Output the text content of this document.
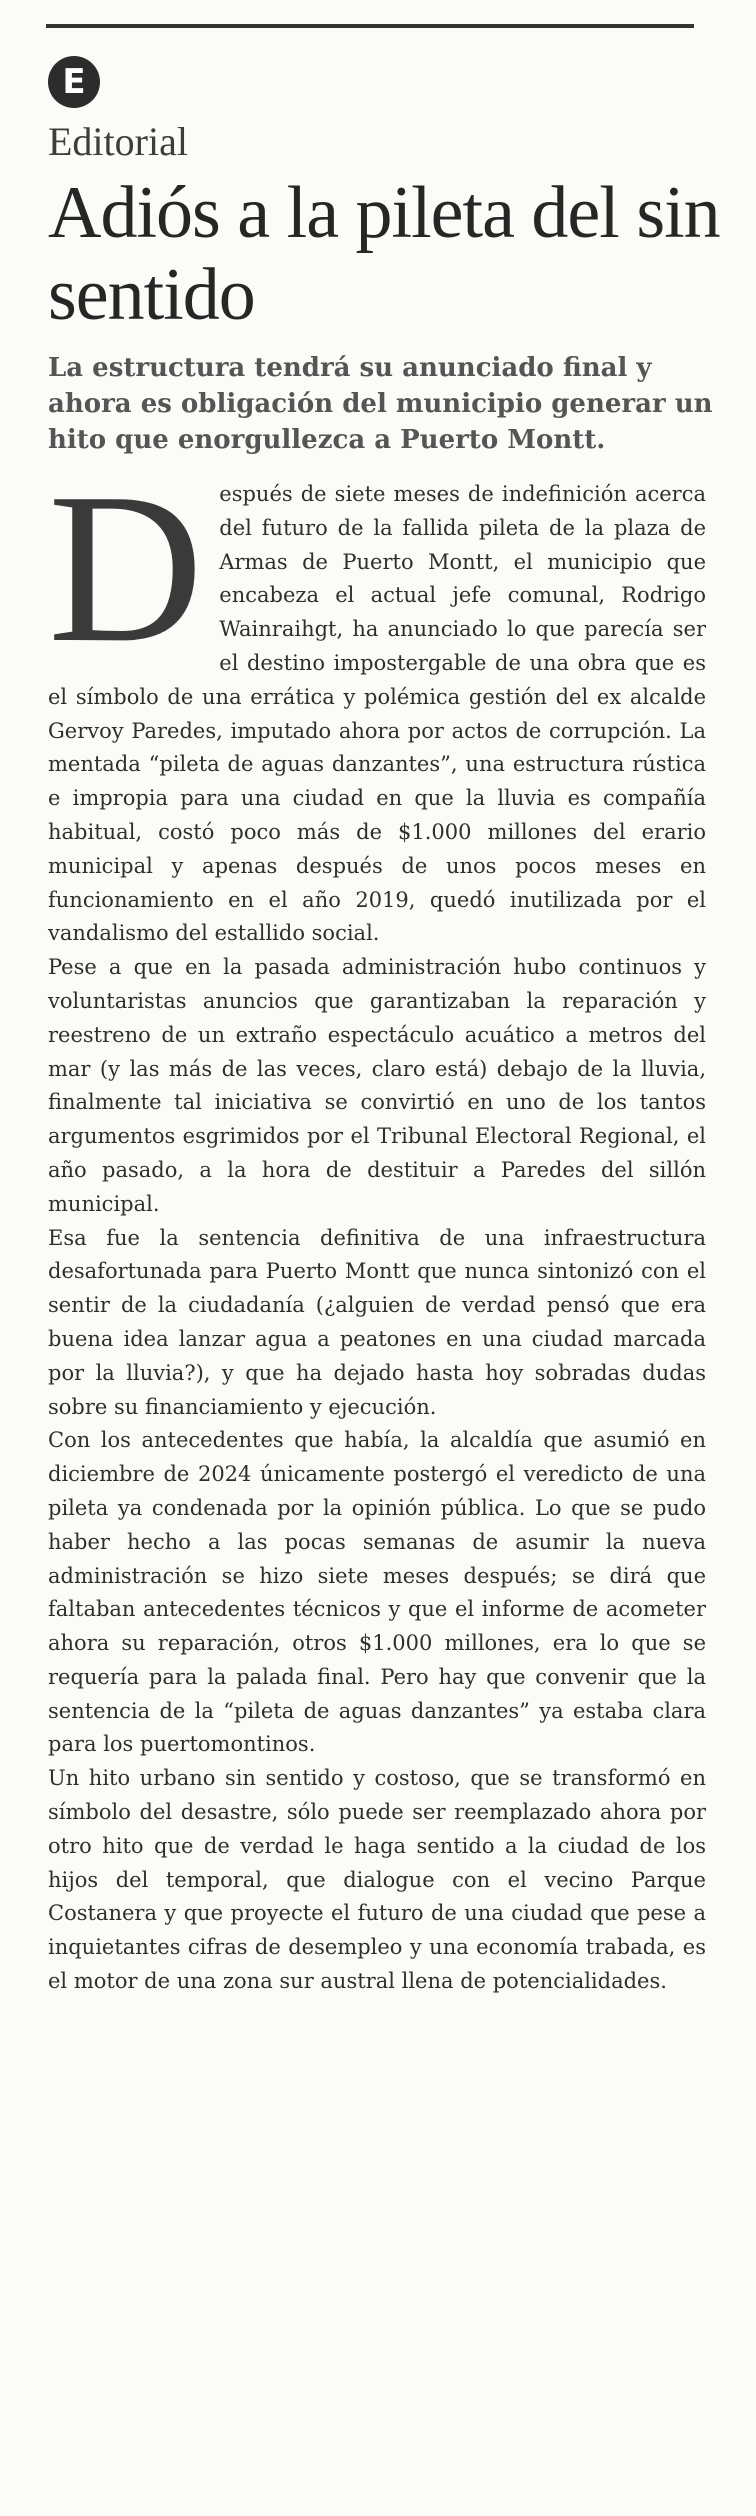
E
Editorial
Adiós a la pileta del sin sentido
La estructura tendrá su anunciado final y ahora es obligación del municipio generar un hito que enorgullezca a Puerto Montt.

Después de siete meses de indefinición acerca del futuro de la fallida pileta de la plaza de Armas de Puerto Montt, el municipio que encabeza el actual jefe comunal, Rodrigo Wainraihgt, ha anunciado lo que parecía ser el destino impostergable de una obra que es el símbolo de una errática y polémica gestión del ex alcalde Gervoy Paredes, imputado ahora por actos de corrupción. La mentada “pileta de aguas danzantes”, una estructura rústica e impropia para una ciudad en que la lluvia es compañía habitual, costó poco más de $1.000 millones del erario municipal y apenas después de unos pocos meses en funcionamiento en el año 2019, quedó inutilizada por el vandalismo del estallido social.

Pese a que en la pasada administración hubo continuos y voluntaristas anuncios que garantizaban la reparación y reestreno de un extraño espectáculo acuático a metros del mar (y las más de las veces, claro está) debajo de la lluvia, finalmente tal iniciativa se convirtió en uno de los tantos argumentos esgrimidos por el Tribunal Electoral Regional, el año pasado, a la hora de destituir a Paredes del sillón municipal.

Esa fue la sentencia definitiva de una infraestructura desafortunada para Puerto Montt que nunca sintonizó con el sentir de la ciudadanía (¿alguien de verdad pensó que era buena idea lanzar agua a peatones en una ciudad marcada por la lluvia?), y que ha dejado hasta hoy sobradas dudas sobre su financiamiento y ejecución.

Con los antecedentes que había, la alcaldía que asumió en diciembre de 2024 únicamente postergó el veredicto de una pileta ya condenada por la opinión pública. Lo que se pudo haber hecho a las pocas semanas de asumir la nueva administración se hizo siete meses después; se dirá que faltaban antecedentes técnicos y que el informe de acometer ahora su reparación, otros $1.000 millones, era lo que se requería para la palada final. Pero hay que convenir que la sentencia de la “pileta de aguas danzantes” ya estaba clara para los puertomontinos.

Un hito urbano sin sentido y costoso, que se transformó en símbolo del desastre, sólo puede ser reemplazado ahora por otro hito que de verdad le haga sentido a la ciudad de los hijos del temporal, que dialogue con el vecino Parque Costanera y que proyecte el futuro de una ciudad que pese a inquietantes cifras de desempleo y una economía trabada, es el motor de una zona sur austral llena de potencialidades.
